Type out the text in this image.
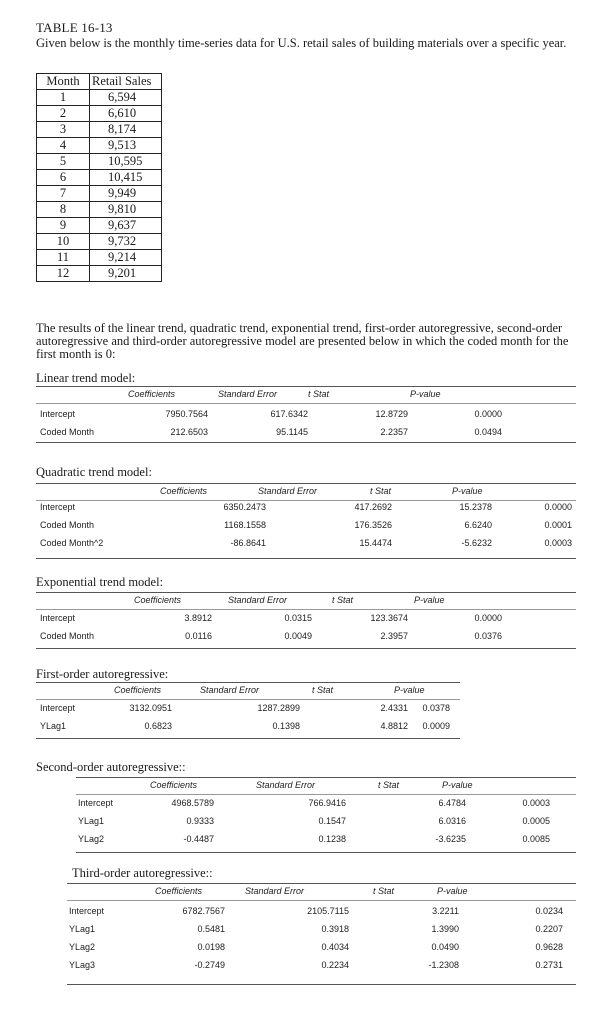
TABLE 16-13
Given below is the monthly time-series data for U.S. retail sales of building materials over a specific year.
Month	Retail Sales
1	6,594
2	6,610
3	8,174
4	9,513
5	10,595
6	10,415
7	9,949
8	9,810
9	9,637
10	9,732
11	9,214
12	9,201
The results of the linear trend, quadratic trend, exponential trend, first-order autoregressive, second-order autoregressive and third-order autoregressive model are presented below in which the coded month for the first month is 0:
Linear trend model:
Coefficients	Standard Error	t Stat	P-value
Intercept	7950.7564	617.6342	12.8729	0.0000
Coded Month	212.6503	95.1145	2.2357	0.0494
Quadratic trend model:
Coefficients	Standard Error	t Stat	P-value
Intercept	6350.2473	417.2692	15.2378	0.0000
Coded Month	1168.1558	176.3526	6.6240	0.0001
Coded Month^2	-86.8641	15.4474	-5.6232	0.0003
Exponential trend model:
Coefficients	Standard Error	t Stat	P-value
Intercept	3.8912	0.0315	123.3674	0.0000
Coded Month	0.0116	0.0049	2.3957	0.0376
First-order autoregressive:
Coefficients	Standard Error	t Stat	P-value
Intercept	3132.0951	1287.2899	2.4331	0.0378
YLag1	0.6823	0.1398	4.8812	0.0009
Second-order autoregressive::
Coefficients	Standard Error	t Stat	P-value
Intercept	4968.5789	766.9416	6.4784	0.0003
YLag1	0.9333	0.1547	6.0316	0.0005
YLag2	-0.4487	0.1238	-3.6235	0.0085
Third-order autoregressive::
Coefficients	Standard Error	t Stat	P-value
Intercept	6782.7567	2105.7115	3.2211	0.0234
YLag1	0.5481	0.3918	1.3990	0.2207
YLag2	0.0198	0.4034	0.0490	0.9628
YLag3	-0.2749	0.2234	-1.2308	0.2731
